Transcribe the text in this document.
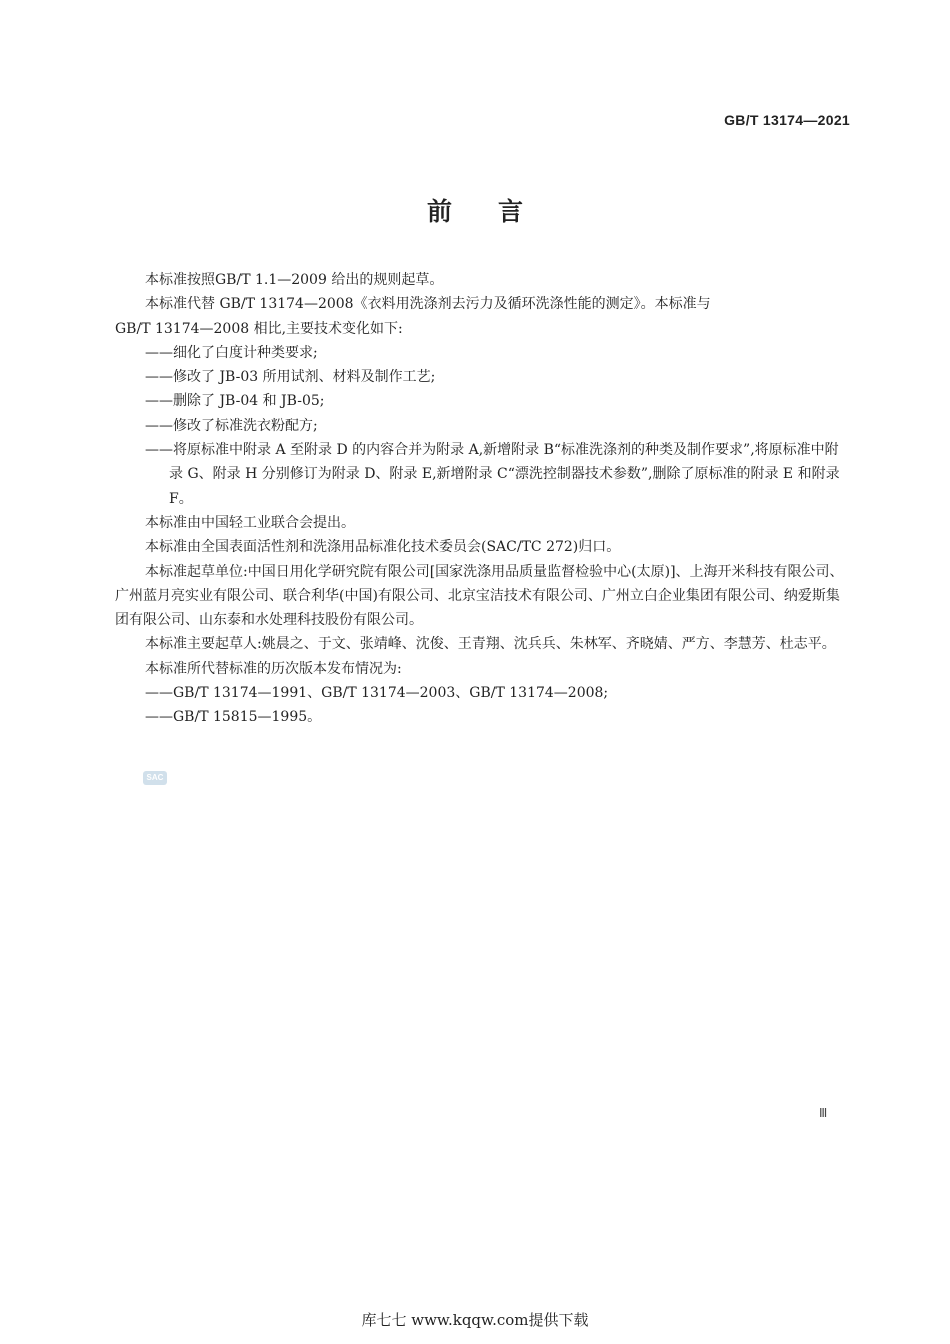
GB/T 13174—2021
前言

本标准按照GB/T 1.1—2009 给出的规则起草。

本标准代替 GB/T 13174—2008《衣料用洗涤剂去污力及循环洗涤性能的测定》。本标准与

GB/T 13174—2008 相比,主要技术变化如下:

——细化了白度计种类要求;

——修改了 JB-03 所用试剂、材料及制作工艺;

——删除了 JB-04 和 JB-05;

——修改了标准洗衣粉配方;

——将原标准中附录 A 至附录 D 的内容合并为附录 A,新增附录 B“标准洗涤剂的种类及制作要求”,将原标准中附录 G、附录 H 分别修订为附录 D、附录 E,新增附录 C“漂洗控制器技术参数”,删除了原标准的附录 E 和附录 F。

本标准由中国轻工业联合会提出。

本标准由全国表面活性剂和洗涤用品标准化技术委员会(SAC/TC 272)归口。

本标准起草单位:中国日用化学研究院有限公司[国家洗涤用品质量监督检验中心(太原)]、上海开米科技有限公司、广州蓝月亮实业有限公司、联合利华(中国)有限公司、北京宝洁技术有限公司、广州立白企业集团有限公司、纳爱斯集团有限公司、山东泰和水处理科技股份有限公司。

本标准主要起草人:姚晨之、于文、张靖峰、沈俊、王青翔、沈兵兵、朱林军、齐晓婧、严方、李慧芳、杜志平。

本标准所代替标准的历次版本发布情况为:

——GB/T 13174—1991、GB/T 13174—2003、GB/T 13174—2008;

——GB/T 15815—1995。

SAC
Ⅲ
库七七 www.kqqw.com提供下载
